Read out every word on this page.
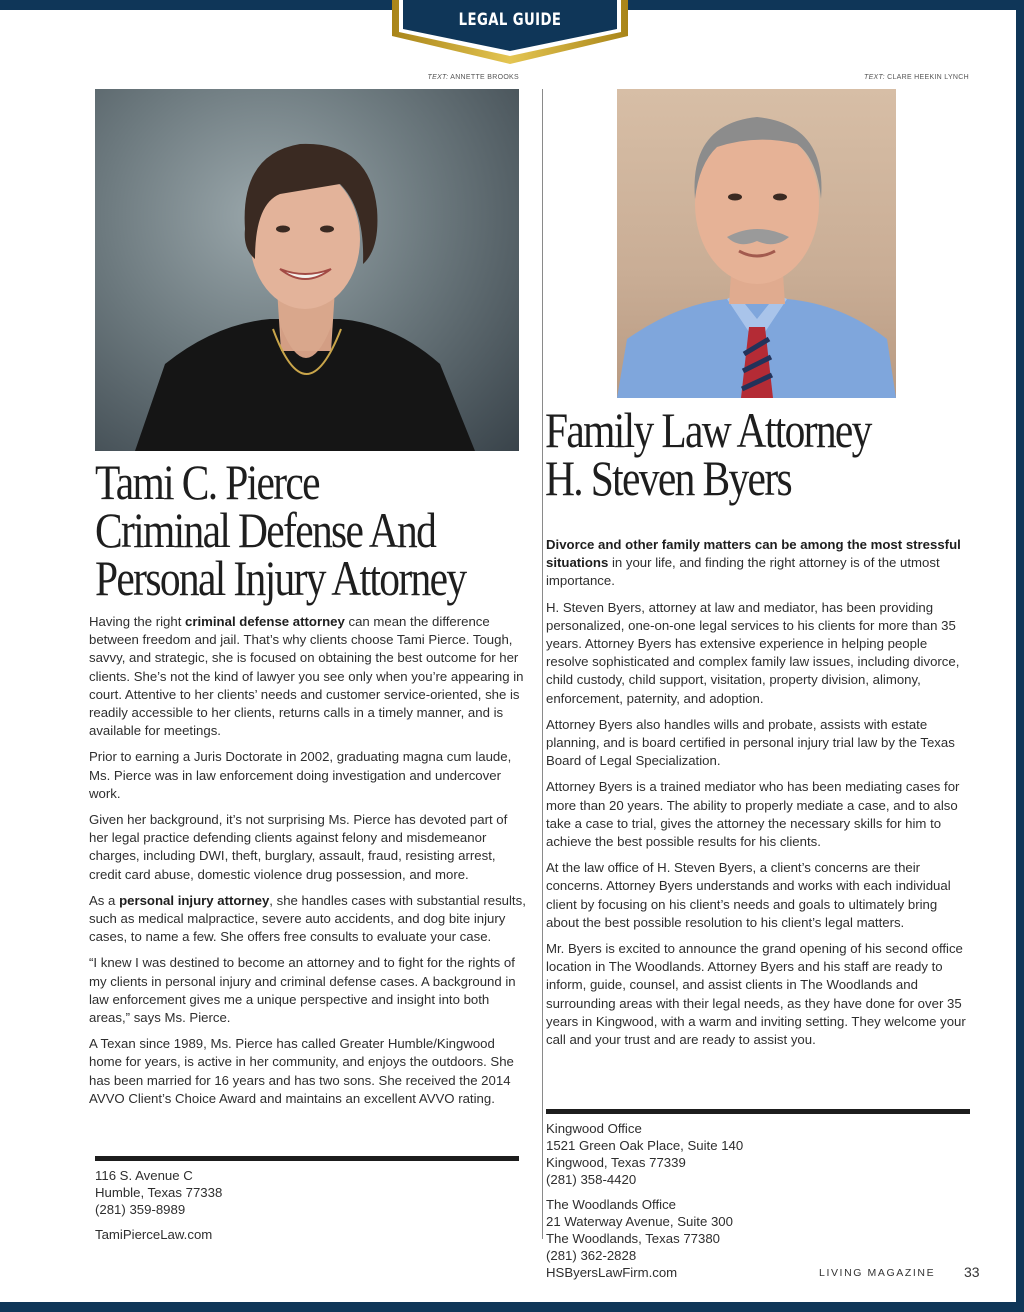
LEGAL GUIDE
TEXT: ANNETTE BROOKS	TEXT: CLARE HEEKIN LYNCH
Tami C. Pierce
Criminal Defense And
Personal Injury Attorney
Family Law Attorney
H. Steven Byers

Having the right criminal defense attorney can mean the difference between freedom and jail. That’s why clients choose Tami Pierce. Tough, savvy, and strategic, she is focused on obtaining the best outcome for her clients. She’s not the kind of lawyer you see only when you’re appearing in court. Attentive to her clients’ needs and customer service-oriented, she is readily accessible to her clients, returns calls in a timely manner, and is available for meetings.

Prior to earning a Juris Doctorate in 2002, graduating magna cum laude, Ms. Pierce was in law enforcement doing investigation and undercover work.

Given her background, it’s not surprising Ms. Pierce has devoted part of her legal practice defending clients against felony and misdemeanor charges, including DWI, theft, burglary, assault, fraud, resisting arrest, credit card abuse, domestic violence drug possession, and more.

As a personal injury attorney, she handles cases with substantial results, such as medical malpractice, severe auto accidents, and dog bite injury cases, to name a few. She offers free consults to evaluate your case.

“I knew I was destined to become an attorney and to fight for the rights of my clients in personal injury and criminal defense cases. A background in law enforcement gives me a unique perspective and insight into both areas,” says Ms. Pierce.

A Texan since 1989, Ms. Pierce has called Greater Humble/Kingwood home for years, is active in her community, and enjoys the outdoors. She has been married for 16 years and has two sons. She received the 2014 AVVO Client’s Choice Award and maintains an excellent AVVO rating.

116 S. Avenue C
Humble, Texas 77338
(281) 359-8989
TamiPierceLaw.com

Divorce and other family matters can be among the most stressful situations in your life, and finding the right attorney is of the utmost importance.

H. Steven Byers, attorney at law and mediator, has been providing personalized, one-on-one legal services to his clients for more than 35 years. Attorney Byers has extensive experience in helping people resolve sophisticated and complex family law issues, including divorce, child custody, child support, visitation, property division, alimony, enforcement, paternity, and adoption.

Attorney Byers also handles wills and probate, assists with estate planning, and is board certified in personal injury trial law by the Texas Board of Legal Specialization.

Attorney Byers is a trained mediator who has been mediating cases for more than 20 years. The ability to properly mediate a case, and to also take a case to trial, gives the attorney the necessary skills for him to achieve the best possible results for his clients.

At the law office of H. Steven Byers, a client’s concerns are their concerns. Attorney Byers understands and works with each individual client by focusing on his client’s needs and goals to ultimately bring about the best possible resolution to his client’s legal matters.

Mr. Byers is excited to announce the grand opening of his second office location in The Woodlands. Attorney Byers and his staff are ready to inform, guide, counsel, and assist clients in The Woodlands and surrounding areas with their legal needs, as they have done for over 35 years in Kingwood, with a warm and inviting setting. They welcome your call and your trust and are ready to assist you.

Kingwood Office
1521 Green Oak Place, Suite 140
Kingwood, Texas 77339
(281) 358-4420
The Woodlands Office
21 Waterway Avenue, Suite 300
The Woodlands, Texas 77380
(281) 362-2828
HSByersLawFirm.com	LIVING MAGAZINE 33
